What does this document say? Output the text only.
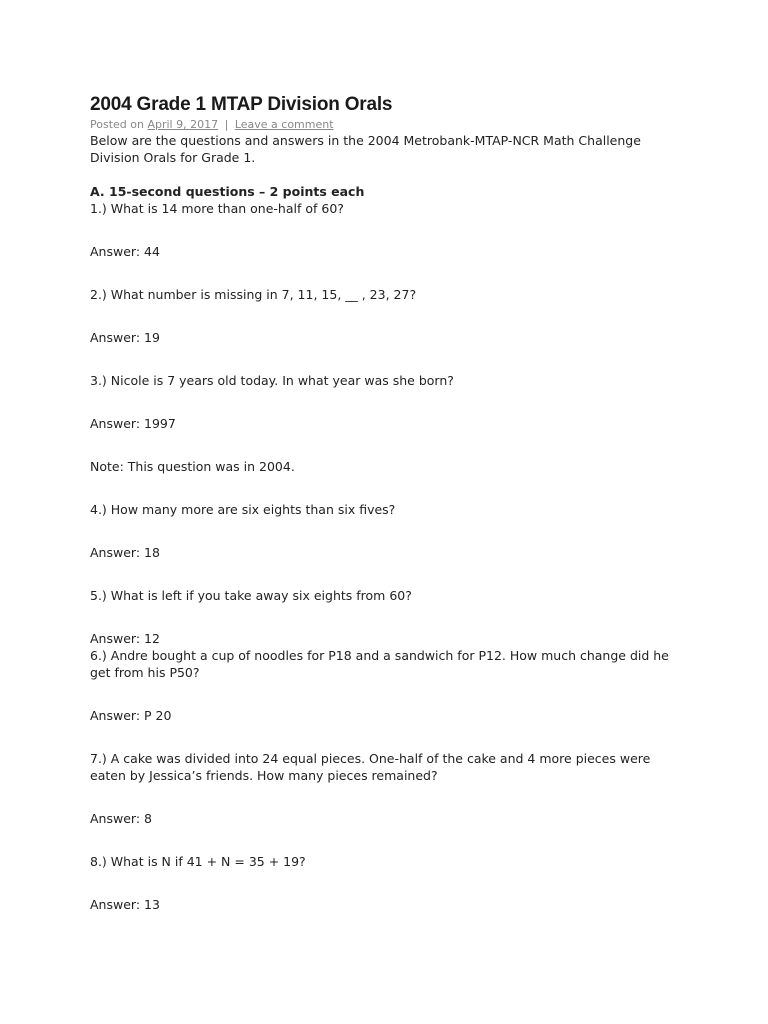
2004 Grade 1 MTAP Division Orals
Posted on April 9, 2017 | Leave a comment

Below are the questions and answers in the 2004 Metrobank-MTAP-NCR Math Challenge Division Orals for Grade 1.

A. 15-second questions – 2 points each

1.) What is 14 more than one-half of 60?

Answer: 44

2.) What number is missing in 7, 11, 15, __ , 23, 27?

Answer: 19

3.) Nicole is 7 years old today. In what year was she born?

Answer: 1997

Note: This question was in 2004.

4.) How many more are six eights than six fives?

Answer: 18

5.) What is left if you take away six eights from 60?

Answer: 12

6.) Andre bought a cup of noodles for P18 and a sandwich for P12. How much change did he get from his P50?

Answer: P 20

7.) A cake was divided into 24 equal pieces. One-half of the cake and 4 more pieces were eaten by Jessica’s friends. How many pieces remained?

Answer: 8

8.) What is N if 41 + N = 35 + 19?

Answer: 13
